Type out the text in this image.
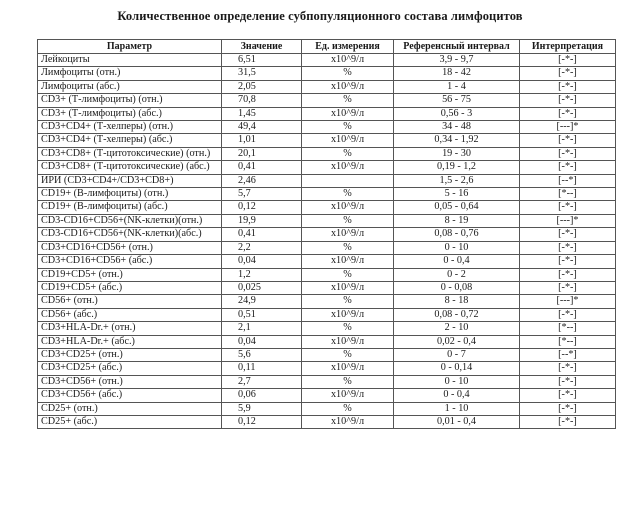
Количественное определение субпопуляционного состава лимфоцитов
Параметр	Значение	Ед. измерения	Референсный интервал	Интерпретация
Лейкоциты	6,51	x10^9/л	3,9 - 9,7	[-*-]
Лимфоциты (отн.)	31,5	%	18 - 42	[-*-]
Лимфоциты (абс.)	2,05	x10^9/л	1 - 4	[-*-]
CD3+ (Т-лимфоциты) (отн.)	70,8	%	56 - 75	[-*-]
CD3+ (Т-лимфоциты) (абс.)	1,45	x10^9/л	0,56 - 3	[-*-]
CD3+CD4+ (Т-хелперы) (отн.)	49,4	%	34 - 48	[---]*
CD3+CD4+ (Т-хелперы) (абс.)	1,01	x10^9/л	0,34 - 1,92	[-*-]
CD3+CD8+ (Т-цитотоксические) (отн.)	20,1	%	19 - 30	[-*-]
CD3+CD8+ (Т-цитотоксические) (абс.)	0,41	x10^9/л	0,19 - 1,2	[-*-]
ИРИ (CD3+CD4+/CD3+CD8+)	2,46		1,5 - 2,6	[--*]
CD19+ (В-лимфоциты) (отн.)	5,7	%	5 - 16	[*--]
CD19+ (В-лимфоциты) (абс.)	0,12	x10^9/л	0,05 - 0,64	[-*-]
CD3-CD16+CD56+(NK-клетки)(отн.)	19,9	%	8 - 19	[---]*
CD3-CD16+CD56+(NK-клетки)(абс.)	0,41	x10^9/л	0,08 - 0,76	[-*-]
CD3+CD16+CD56+ (отн.)	2,2	%	0 - 10	[-*-]
CD3+CD16+CD56+ (абс.)	0,04	x10^9/л	0 - 0,4	[-*-]
CD19+CD5+ (отн.)	1,2	%	0 - 2	[-*-]
CD19+CD5+ (абс.)	0,025	x10^9/л	0 - 0,08	[-*-]
CD56+ (отн.)	24,9	%	8 - 18	[---]*
CD56+ (абс.)	0,51	x10^9/л	0,08 - 0,72	[-*-]
CD3+HLA-Dr.+ (отн.)	2,1	%	2 - 10	[*--]
CD3+HLA-Dr.+ (абс.)	0,04	x10^9/л	0,02 - 0,4	[*--]
CD3+CD25+ (отн.)	5,6	%	0 - 7	[--*]
CD3+CD25+ (абс.)	0,11	x10^9/л	0 - 0,14	[-*-]
CD3+CD56+ (отн.)	2,7	%	0 - 10	[-*-]
CD3+CD56+ (абс.)	0,06	x10^9/л	0 - 0,4	[-*-]
CD25+ (отн.)	5,9	%	1 - 10	[-*-]
CD25+ (абс.)	0,12	x10^9/л	0,01 - 0,4	[-*-]
